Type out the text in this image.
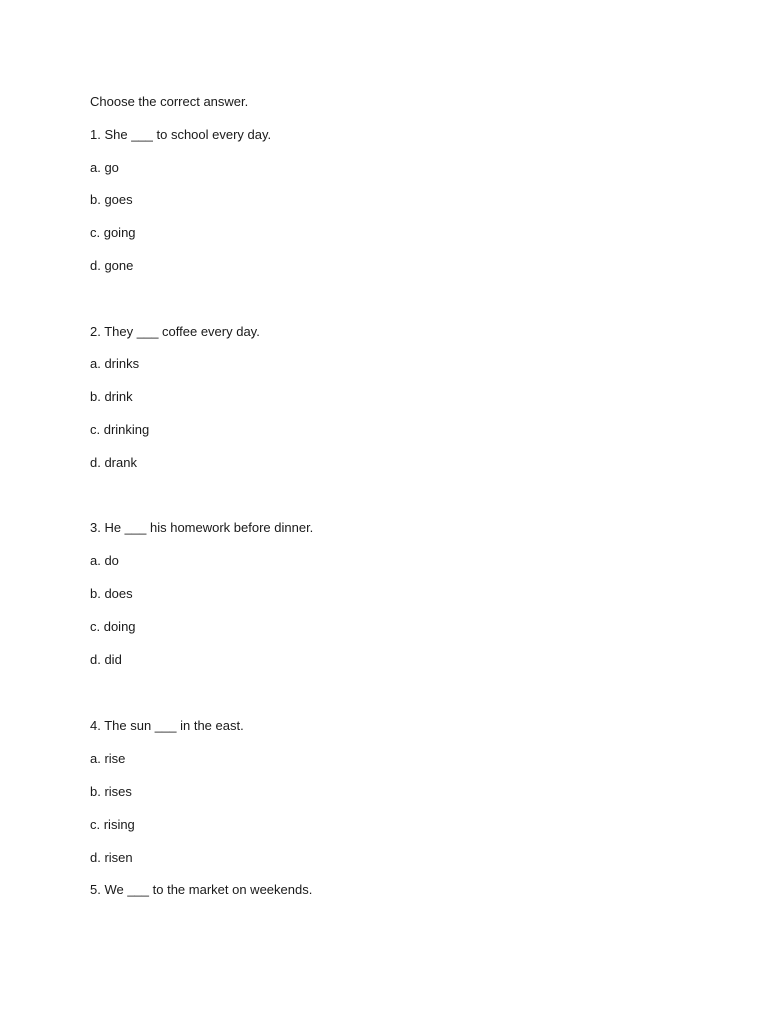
Choose the correct answer.
1. She ___ to school every day.
a. go
b. goes
c. going
d. gone
2. They ___ coffee every day.
a. drinks
b. drink
c. drinking
d. drank
3. He ___ his homework before dinner.
a. do
b. does
c. doing
d. did
4. The sun ___ in the east.
a. rise
b. rises
c. rising
d. risen
5. We ___ to the market on weekends.
